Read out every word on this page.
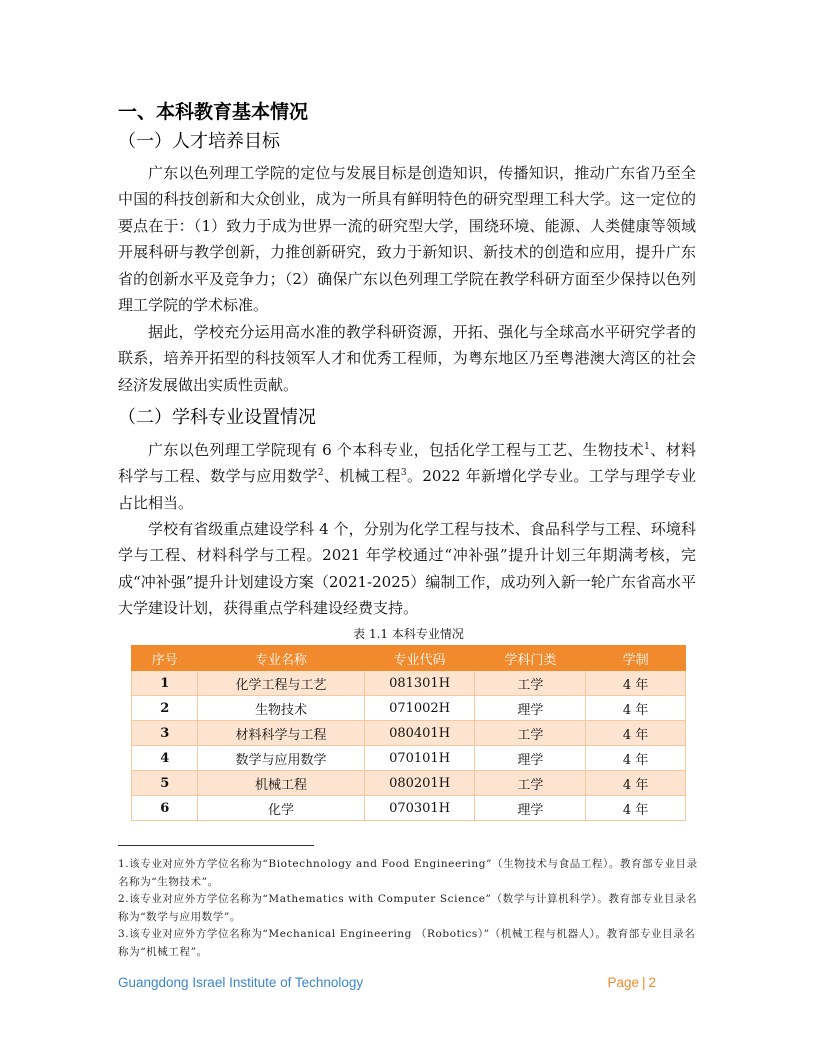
一、本科教育基本情况
（一）人才培养目标

广东以色列理工学院的定位与发展目标是创造知识，传播知识，推动广东省乃至全中国的科技创新和大众创业，成为一所具有鲜明特色的研究型理工科大学。这一定位的要点在于：（1）致力于成为世界一流的研究型大学，围绕环境、能源、人类健康等领域开展科研与教学创新，力推创新研究，致力于新知识、新技术的创造和应用，提升广东省的创新水平及竞争力；（2）确保广东以色列理工学院在教学科研方面至少保持以色列理工学院的学术标准。

据此，学校充分运用高水准的教学科研资源，开拓、强化与全球高水平研究学者的联系，培养开拓型的科技领军人才和优秀工程师，为粤东地区乃至粤港澳大湾区的社会经济发展做出实质性贡献。

（二）学科专业设置情况

广东以色列理工学院现有 6 个本科专业，包括化学工程与工艺、生物技术$^1$、材料科学与工程、数学与应用数学$^2$、机械工程$^3$。2022 年新增化学专业。工学与理学专业占比相当。

学校有省级重点建设学科 4 个，分别为化学工程与技术、食品科学与工程、环境科学与工程、材料科学与工程。2021 年学校通过“冲补强”提升计划三年期满考核，完成“冲补强”提升计划建设方案（2021-2025）编制工作，成功列入新一轮广东省高水平大学建设计划，获得重点学科建设经费支持。

表 1.1 本科专业情况
序号	专业名称	专业代码	学科门类	学制
1	化学工程与工艺	081301H	工学	4 年
2	生物技术	071002H	理学	4 年
3	材料科学与工程	080401H	工学	4 年
4	数学与应用数学	070101H	理学	4 年
5	机械工程	080201H	工学	4 年
6	化学	070301H	理学	4 年

1.该专业对应外方学位名称为“Biotechnology and Food Engineering”（生物技术与食品工程）。教育部专业目录名称为“生物技术”。

2.该专业对应外方学位名称为“Mathematics with Computer Science”（数学与计算机科学）。教育部专业目录名称为“数学与应用数学”。

3.该专业对应外方学位名称为“Mechanical Engineering （Robotics）”（机械工程与机器人）。教育部专业目录名称为“机械工程”。

Guangdong Israel Institute of Technology	Page | 2
